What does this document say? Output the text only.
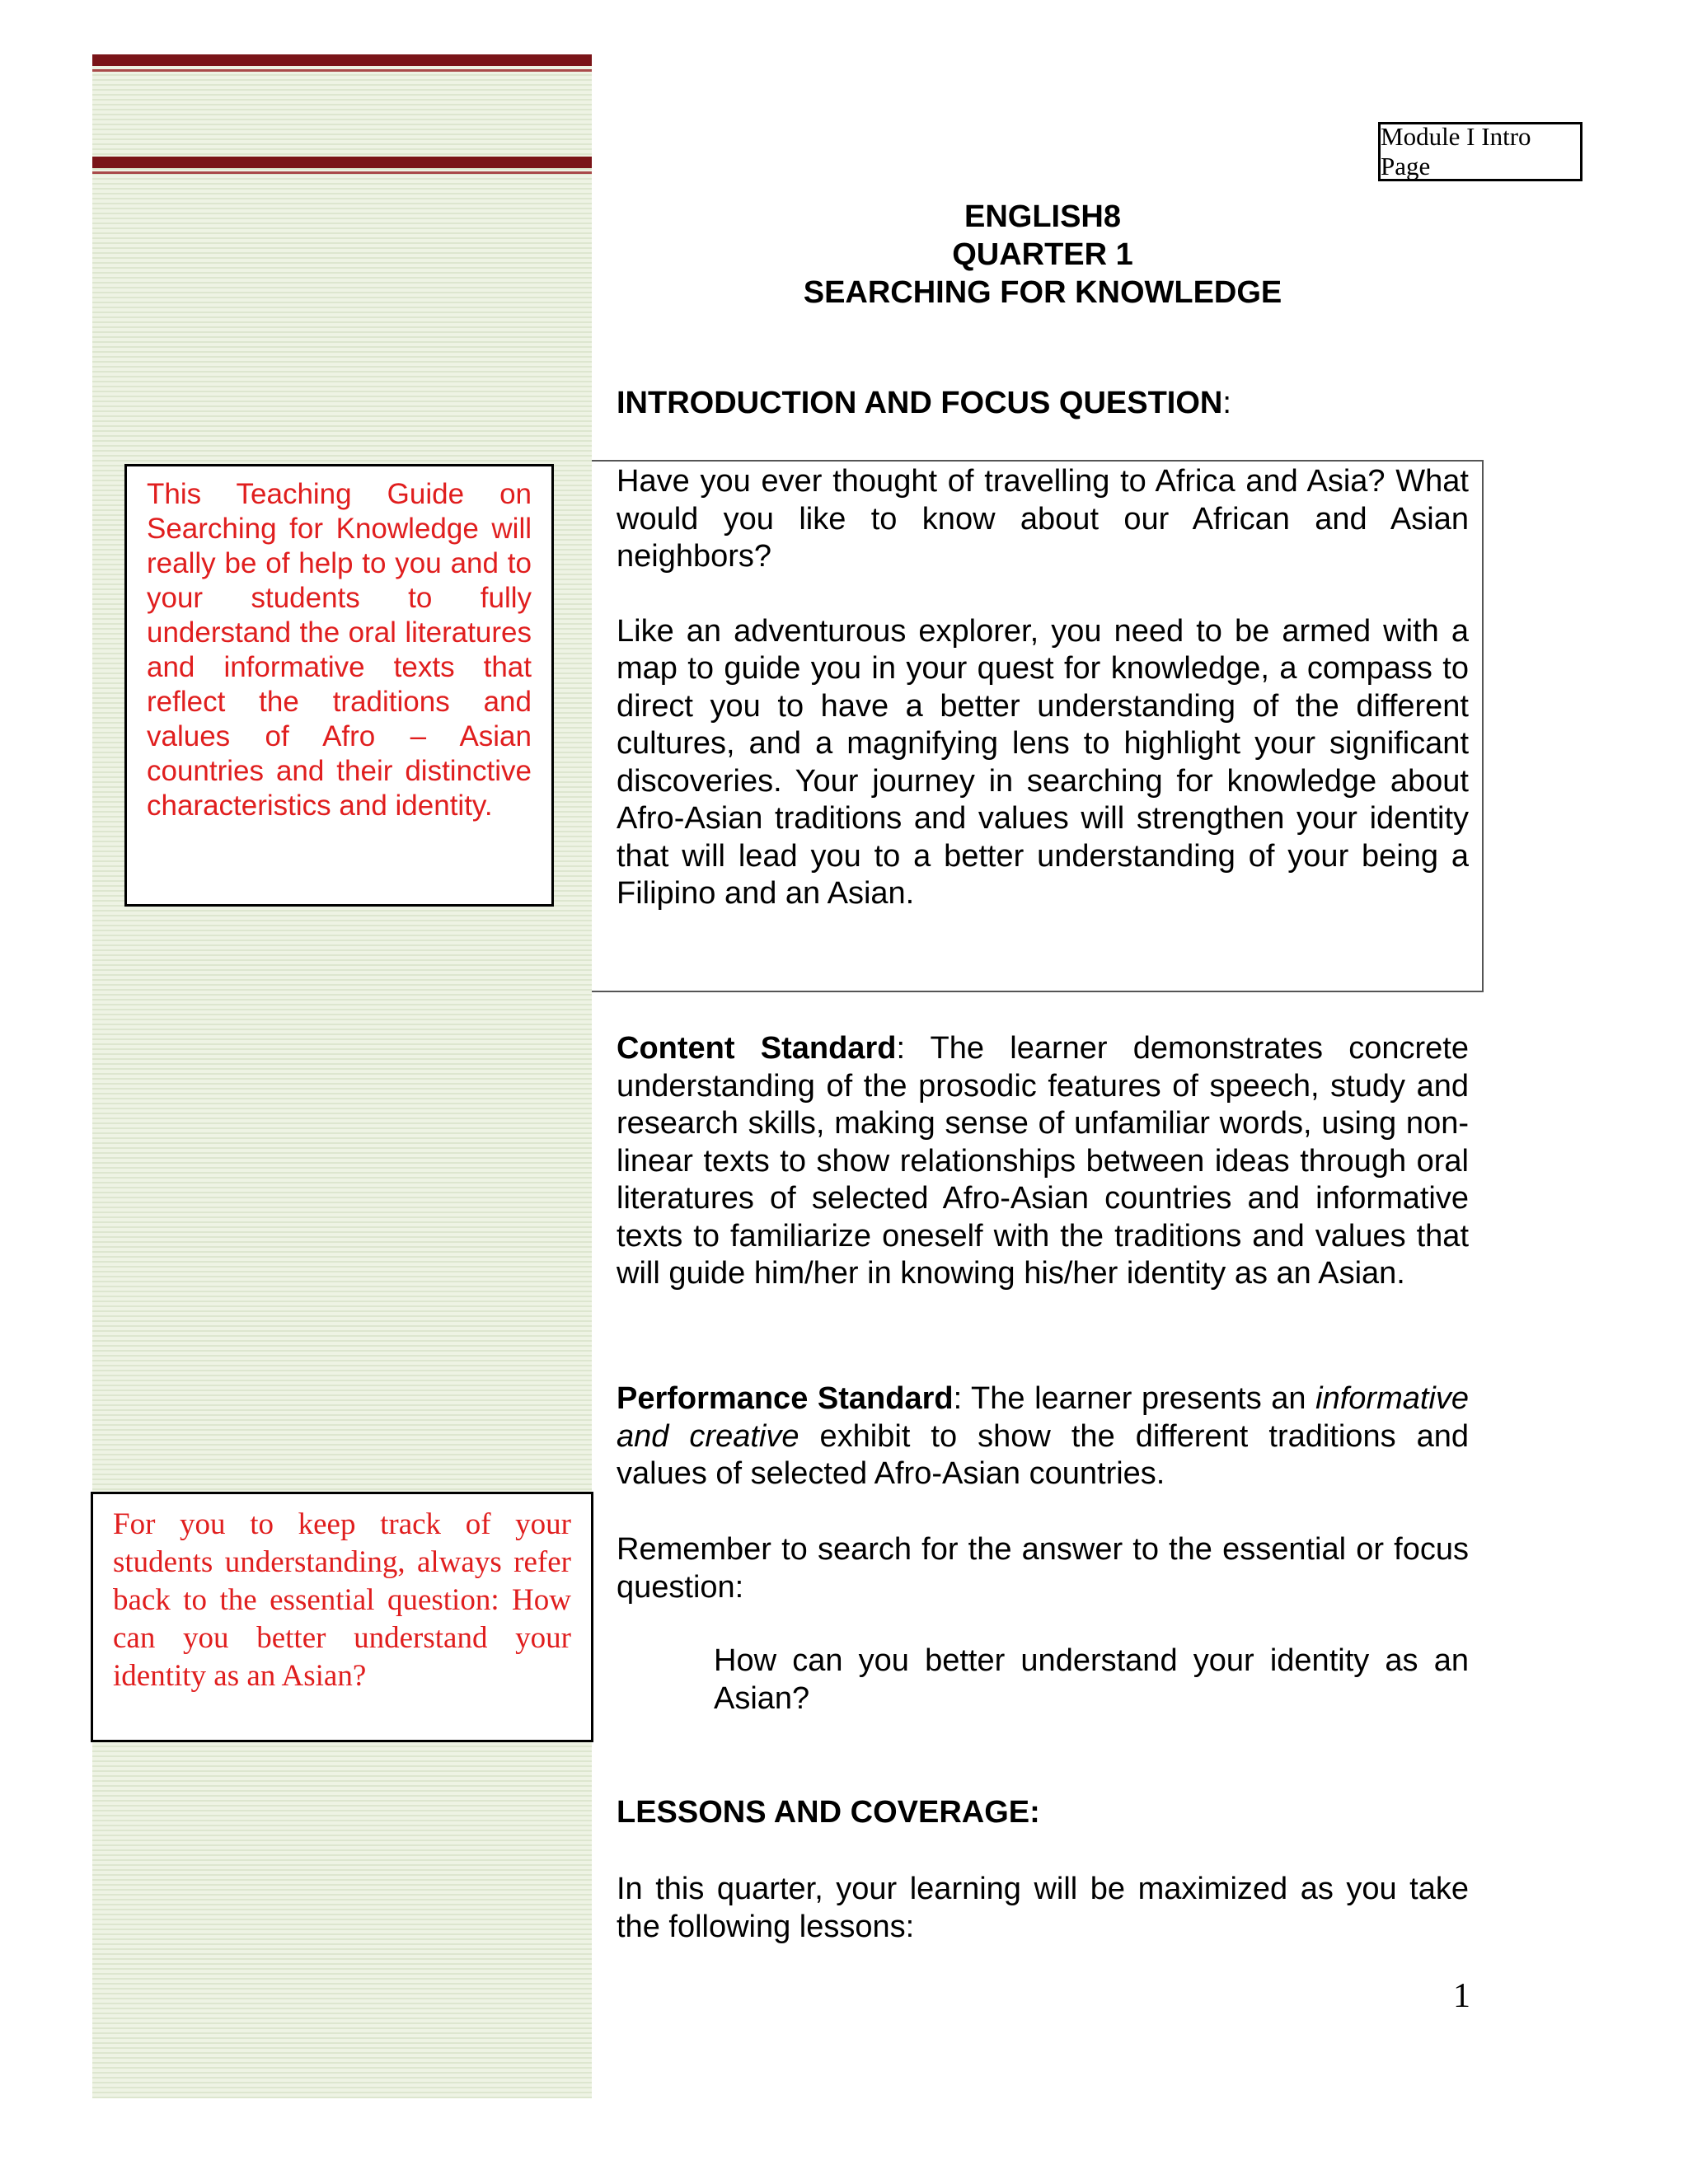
Module I Intro Page
ENGLISH8
QUARTER 1
SEARCHING FOR KNOWLEDGE
INTRODUCTION AND FOCUS QUESTION:

Have you ever thought of travelling to Africa and Asia? What would you like to know about our African and Asian neighbors?

Like an adventurous explorer, you need to be armed with a map to guide you in your quest for knowledge, a compass to direct you to have a better understanding of the different cultures, and a magnifying lens to highlight your significant discoveries. Your journey in searching for knowledge about Afro-Asian traditions and values will strengthen your identity that will lead you to a better understanding of your being a Filipino and an Asian.

This Teaching Guide on Searching for Knowledge will really be of help to you and to your students to fully understand the oral literatures and informative texts that reflect the traditions and values of Afro – Asian countries and their distinctive characteristics and identity.
For you to keep track of your students understanding, always refer back to the essential question: How can you better understand your identity as an Asian?

Content Standard: The learner demonstrates concrete understanding of the prosodic features of speech, study and research skills, making sense of unfamiliar words, using non-linear texts to show relationships between ideas through oral literatures of selected Afro-Asian countries and informative texts to familiarize oneself with the traditions and values that will guide him/her in knowing his/her identity as an Asian.

Performance Standard: The learner presents an informative and creative exhibit to show the different traditions and values of selected Afro-Asian countries.

Remember to search for the answer to the essential or focus question:

How can you better understand your identity as an Asian?

LESSONS AND COVERAGE:

In this quarter, your learning will be maximized as you take the following lessons:

1
